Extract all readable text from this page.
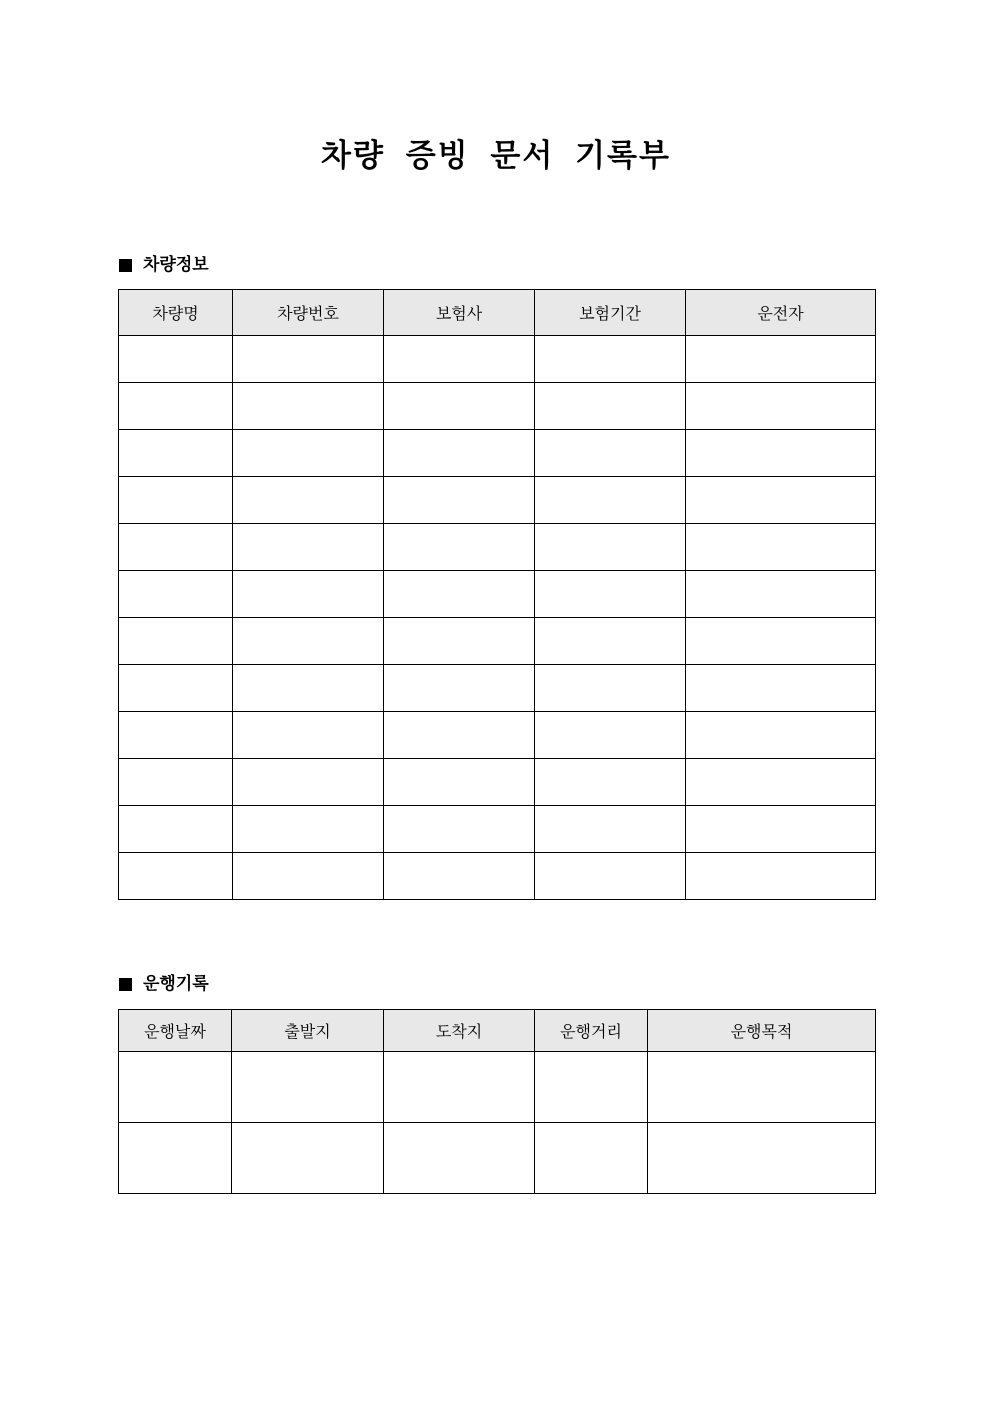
차량 증빙 문서 기록부
차량정보
차량명	차량번호	보험사	보험기간	운전자

운행기록
운행날짜	출발지	도착지	운행거리	운행목적
